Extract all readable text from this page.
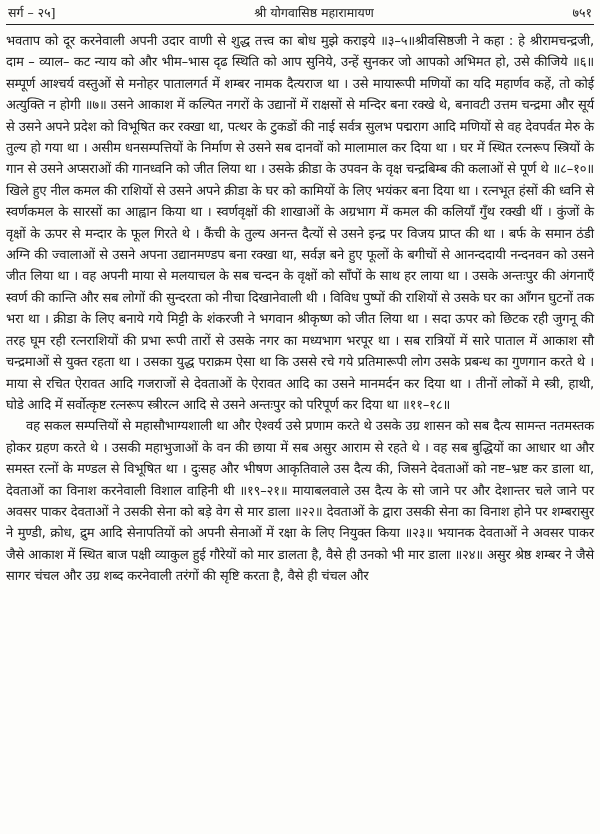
सर्ग – २५]	श्री योगवासिष्ठ महारामायण	७५१

भवताप को दूर करनेवाली अपनी उदार वाणी से शुद्ध तत्त्व का बोध मुझे कराइये ॥३–५॥श्रीवसिष्ठजी ने कहा : हे श्रीरामचन्द्रजी, दाम – व्याल– कट न्याय को और भीम–भास दृढ स्थिति को आप सुनिये, उन्हें सुनकर जो आपको अभिमत हो, उसे कीजिये ॥६॥ सम्पूर्ण आश्चर्य वस्तुओं से मनोहर पातालगर्त में शम्बर नामक दैत्यराज था । उसे मायारूपी मणियों का यदि महार्णव कहें, तो कोई अत्युक्ति न होगी ॥७॥ उसने आकाश में कल्पित नगरों के उद्यानों में राक्षसों से मन्दिर बना रक्खे थे, बनावटी उत्तम चन्द्रमा और सूर्य से उसने अपने प्रदेश को विभूषित कर रक्खा था, पत्थर के टुकडों की नाई सर्वत्र सुलभ पद्मराग आदि मणियों से वह देवपर्वत मेरु के तुल्य हो गया था । असीम धनसम्पत्तियों के निर्माण से उसने सब दानवों को मालामाल कर दिया था । घर में स्थित रत्नरूप स्त्रियों के गान से उसने अप्सराओं की गानध्वनि को जीत लिया था । उसके क्रीडा के उपवन के वृक्ष चन्द्रबिम्ब की कलाओं से पूर्ण थे ॥८–१०॥ खिले हुए नील कमल की राशियों से उसने अपने क्रीडा के घर को कामियों के लिए भयंकर बना दिया था । रत्नभूत हंसों की ध्वनि से स्वर्णकमल के सारसों का आह्वान किया था । स्वर्णवृक्षों की शाखाओं के अग्रभाग में कमल की कलियाँ गुँथ रक्खी थीं । कुंजों के वृक्षों के ऊपर से मन्दार के फूल गिरते थे । कैंची के तुल्य अनन्त दैत्यों से उसने इन्द्र पर विजय प्राप्त की था । बर्फ के समान ठंडी अग्नि की ज्वालाओं से उसने अपना उद्यानमण्डप बना रक्खा था, सर्वज्ञ बने हुए फूलों के बगीचों से आनन्ददायी नन्दनवन को उसने जीत लिया था । वह अपनी माया से मलयाचल के सब चन्दन के वृक्षों को साँपों के साथ हर लाया था । उसके अन्तःपुर की अंगनाएँ स्वर्ण की कान्ति और सब लोगों की सुन्दरता को नीचा दिखानेवाली थी । विविध पुष्पों की राशियों से उसके घर का आँगन घुटनों तक भरा था । क्रीडा के लिए बनाये गये मिट्टी के शंकरजी ने भगवान श्रीकृष्ण को जीत लिया था । सदा ऊपर को छिटक रही जुगनू की तरह घूम रही रत्नराशियों की प्रभा रूपी तारों से उसके नगर का मध्यभाग भरपूर था । सब रात्रियों में सारे पाताल में आकाश सौ चन्द्रमाओं से युक्त रहता था । उसका युद्ध पराक्रम ऐसा था कि उससे रचे गये प्रतिमारूपी लोग उसके प्रबन्ध का गुणगान करते थे । माया से रचित ऐरावत आदि गजराजों से देवताओं के ऐरावत आदि का उसने मानमर्दन कर दिया था । तीनों लोकों मे स्त्री, हाथी, घोडे आदि में सर्वोत्कृष्ट रत्नरूप स्त्रीरत्न आदि से उसने अन्तःपुर को परिपूर्ण कर दिया था ॥११–१८॥

वह सकल सम्पत्तियों से महासौभाग्यशाली था और ऐश्वर्य उसे प्रणाम करते थे उसके उग्र शासन को सब दैत्य सामन्त नतमस्तक होकर ग्रहण करते थे । उसकी महाभुजाओं के वन की छाया में सब असुर आराम से रहते थे । वह सब बुद्धियों का आधार था और समस्त रत्नों के मण्डल से विभूषित था । दुःसह और भीषण आकृतिवाले उस दैत्य की, जिसने देवताओं को नष्ट–भ्रष्ट कर डाला था, देवताओं का विनाश करनेवाली विशाल वाहिनी थी ॥१९–२१॥ मायाबलवाले उस दैत्य के सो जाने पर और देशान्तर चले जाने पर अवसर पाकर देवताओं ने उसकी सेना को बड़े वेग से मार डाला ॥२२॥ देवताओं के द्वारा उसकी सेना का विनाश होने पर शम्बरासुर ने मुण्डी, क्रोध, द्रुम आदि सेनापतियों को अपनी सेनाओं में रक्षा के लिए नियुक्त किया ॥२३॥ भयानक देवताओं ने अवसर पाकर जैसे आकाश में स्थित बाज पक्षी व्याकुल हुई गौरेयों को मार डालता है, वैसे ही उनको भी मार डाला ॥२४॥ असुर श्रेष्ठ शम्बर ने जैसे सागर चंचल और उग्र शब्द करनेवाली तरंगों की सृष्टि करता है, वैसे ही चंचल और
